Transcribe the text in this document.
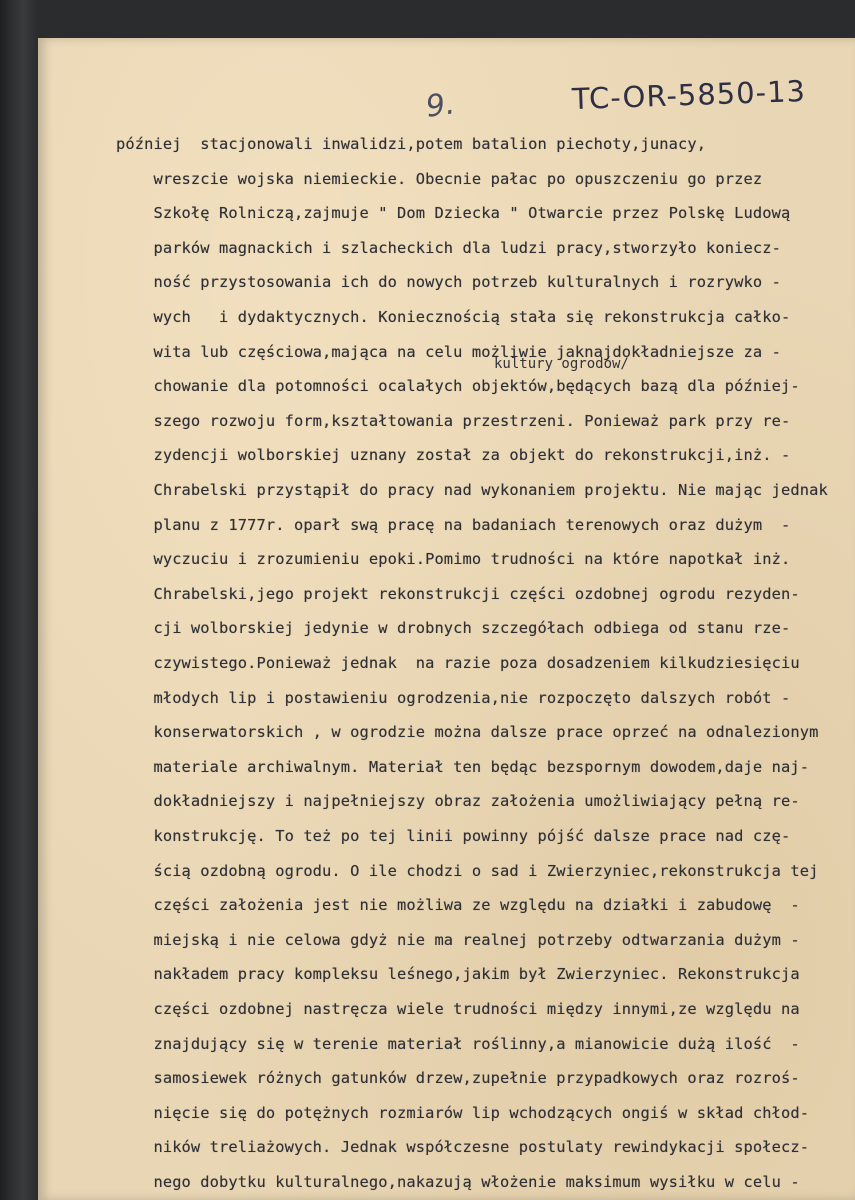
9.	TC-OR-5850-13
kultury ogrodów/
później  stacjonowali inwalidzi,potem batalion piechoty,junacy,
wreszcie wojska niemieckie. Obecnie pałac po opuszczeniu go przez
Szkołę Rolniczą,zajmuje " Dom Dziecka " Otwarcie przez Polskę Ludową
parków magnackich i szlacheckich dla ludzi pracy,stworzyło koniecz-
ność przystosowania ich do nowych potrzeb kulturalnych i rozrywko -
wych   i dydaktycznych. Koniecznością stała się rekonstrukcja całko-
wita lub częściowa,mająca na celu możliwie jaknajdokładniejsze za -
chowanie dla potomności ocalałych objektów,będących bazą dla później-
szego rozwoju form,kształtowania przestrzeni. Ponieważ park przy re-
zydencji wolborskiej uznany został za objekt do rekonstrukcji,inż. -
Chrabelski przystąpił do pracy nad wykonaniem projektu. Nie mając jednak
planu z 1777r. oparł swą pracę na badaniach terenowych oraz dużym  -
wyczuciu i zrozumieniu epoki.Pomimo trudności na które napotkał inż.
Chrabelski,jego projekt rekonstrukcji części ozdobnej ogrodu rezyden-
cji wolborskiej jedynie w drobnych szczegółach odbiega od stanu rze-
czywistego.Ponieważ jednak  na razie poza dosadzeniem kilkudziesięciu
młodych lip i postawieniu ogrodzenia,nie rozpoczęto dalszych robót -
konserwatorskich , w ogrodzie można dalsze prace oprzeć na odnalezionym
materiale archiwalnym. Materiał ten będąc bezspornym dowodem,daje naj-
dokładniejszy i najpełniejszy obraz założenia umożliwiający pełną re-
konstrukcję. To też po tej linii powinny pójść dalsze prace nad czę-
ścią ozdobną ogrodu. O ile chodzi o sad i Zwierzyniec,rekonstrukcja tej
części założenia jest nie możliwa ze względu na działki i zabudowę  -
miejską i nie celowa gdyż nie ma realnej potrzeby odtwarzania dużym -
nakładem pracy kompleksu leśnego,jakim był Zwierzyniec. Rekonstrukcja
części ozdobnej nastręcza wiele trudności między innymi,ze względu na
znajdujący się w terenie materiał roślinny,a mianowicie dużą ilość  -
samosiewek różnych gatunków drzew,zupełnie przypadkowych oraz rozroś-
nięcie się do potężnych rozmiarów lip wchodzących ongiś w skład chłod-
ników treliażowych. Jednak współczesne postulaty rewindykacji społecz-
nego dobytku kulturalnego,nakazują włożenie maksimum wysiłku w celu -
